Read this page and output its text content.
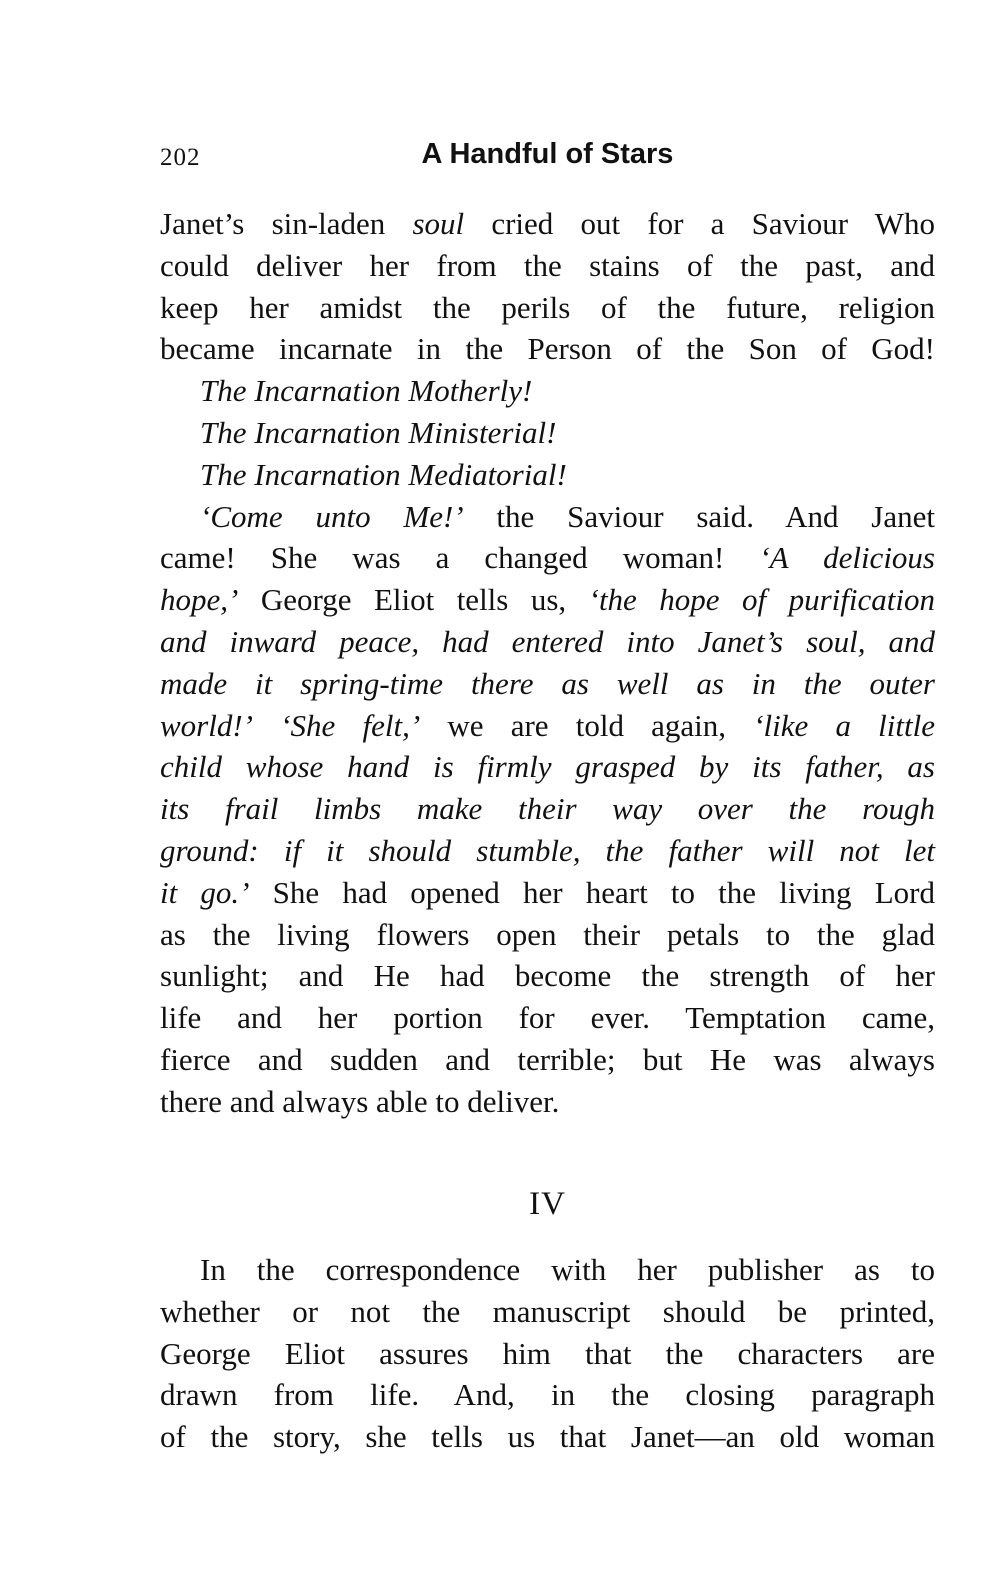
202	A Handful of Stars
Janet’s sin-laden soul cried out for a Saviour Who
could deliver her from the stains of the past, and
keep her amidst the perils of the future, religion
became incarnate in the Person of the Son of God!
The Incarnation Motherly!
The Incarnation Ministerial!
The Incarnation Mediatorial!
‘Come unto Me!’ the Saviour said. And Janet
came! She was a changed woman! ‘A delicious
hope,’ George Eliot tells us, ‘the hope of purification
and inward peace, had entered into Janet’s soul, and
made it spring-time there as well as in the outer
world!’ ‘She felt,’ we are told again, ‘like a little
child whose hand is firmly grasped by its father, as
its frail limbs make their way over the rough
ground: if it should stumble, the father will not let
it go.’ She had opened her heart to the living Lord
as the living flowers open their petals to the glad
sunlight; and He had become the strength of her
life and her portion for ever. Temptation came,
fierce and sudden and terrible; but He was always
there and always able to deliver.
IV
In the correspondence with her publisher as to
whether or not the manuscript should be printed,
George Eliot assures him that the characters are
drawn from life. And, in the closing paragraph
of the story, she tells us that Janet—an old woman
